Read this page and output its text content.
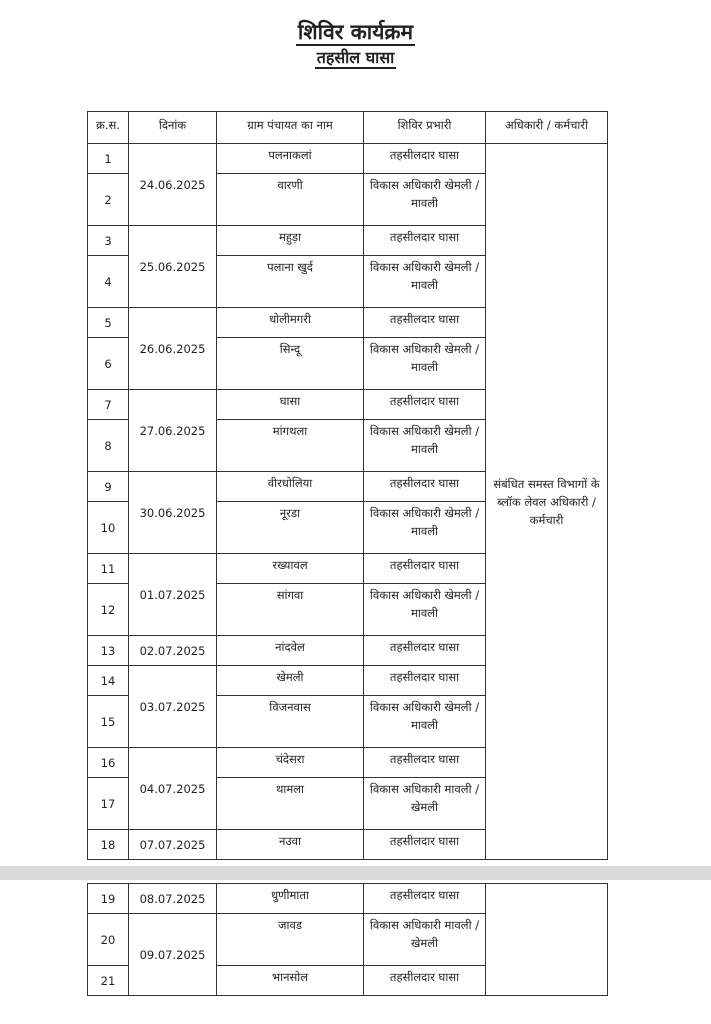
शिविर कार्यक्रम
तहसील घासा
क्र.स.	दिनांक	ग्राम पंचायत का नाम	शिविर प्रभारी	अधिकारी / कर्मचारी
1	24.06.2025	पलनाकलां	तहसीलदार घासा	संबंधित समस्त विभागों के ब्लॉक लेवल अधिकारी / कर्मचारी
2		वारणी	विकास अधिकारी खेमली / मावली	
3	25.06.2025	महुड़ा	तहसीलदार घासा	
4		पलाना खुर्द	विकास अधिकारी खेमली / मावली	
5	26.06.2025	धोलीमगरी	तहसीलदार घासा	
6		सिन्दू	विकास अधिकारी खेमली / मावली	
7	27.06.2025	घासा	तहसीलदार घासा	
8		मांगथला	विकास अधिकारी खेमली / मावली	
9	30.06.2025	वीरधोलिया	तहसीलदार घासा	
10		नूरडा	विकास अधिकारी खेमली / मावली	
11	01.07.2025	रख्यावल	तहसीलदार घासा	
12		सांगवा	विकास अधिकारी खेमली / मावली	
13	02.07.2025	नांदवेल	तहसीलदार घासा	
14	03.07.2025	खेमली	तहसीलदार घासा	
15		विजनवास	विकास अधिकारी खेमली / मावली	
16	04.07.2025	चंदेसरा	तहसीलदार घासा	
17		थामला	विकास अधिकारी मावली / खेमली	
18	07.07.2025	नउवा	तहसीलदार घासा	
19	08.07.2025	धुणीमाता	तहसीलदार घासा	
20	09.07.2025	जावड	विकास अधिकारी मावली / खेमली	
21		भानसोल	तहसीलदार घासा	
